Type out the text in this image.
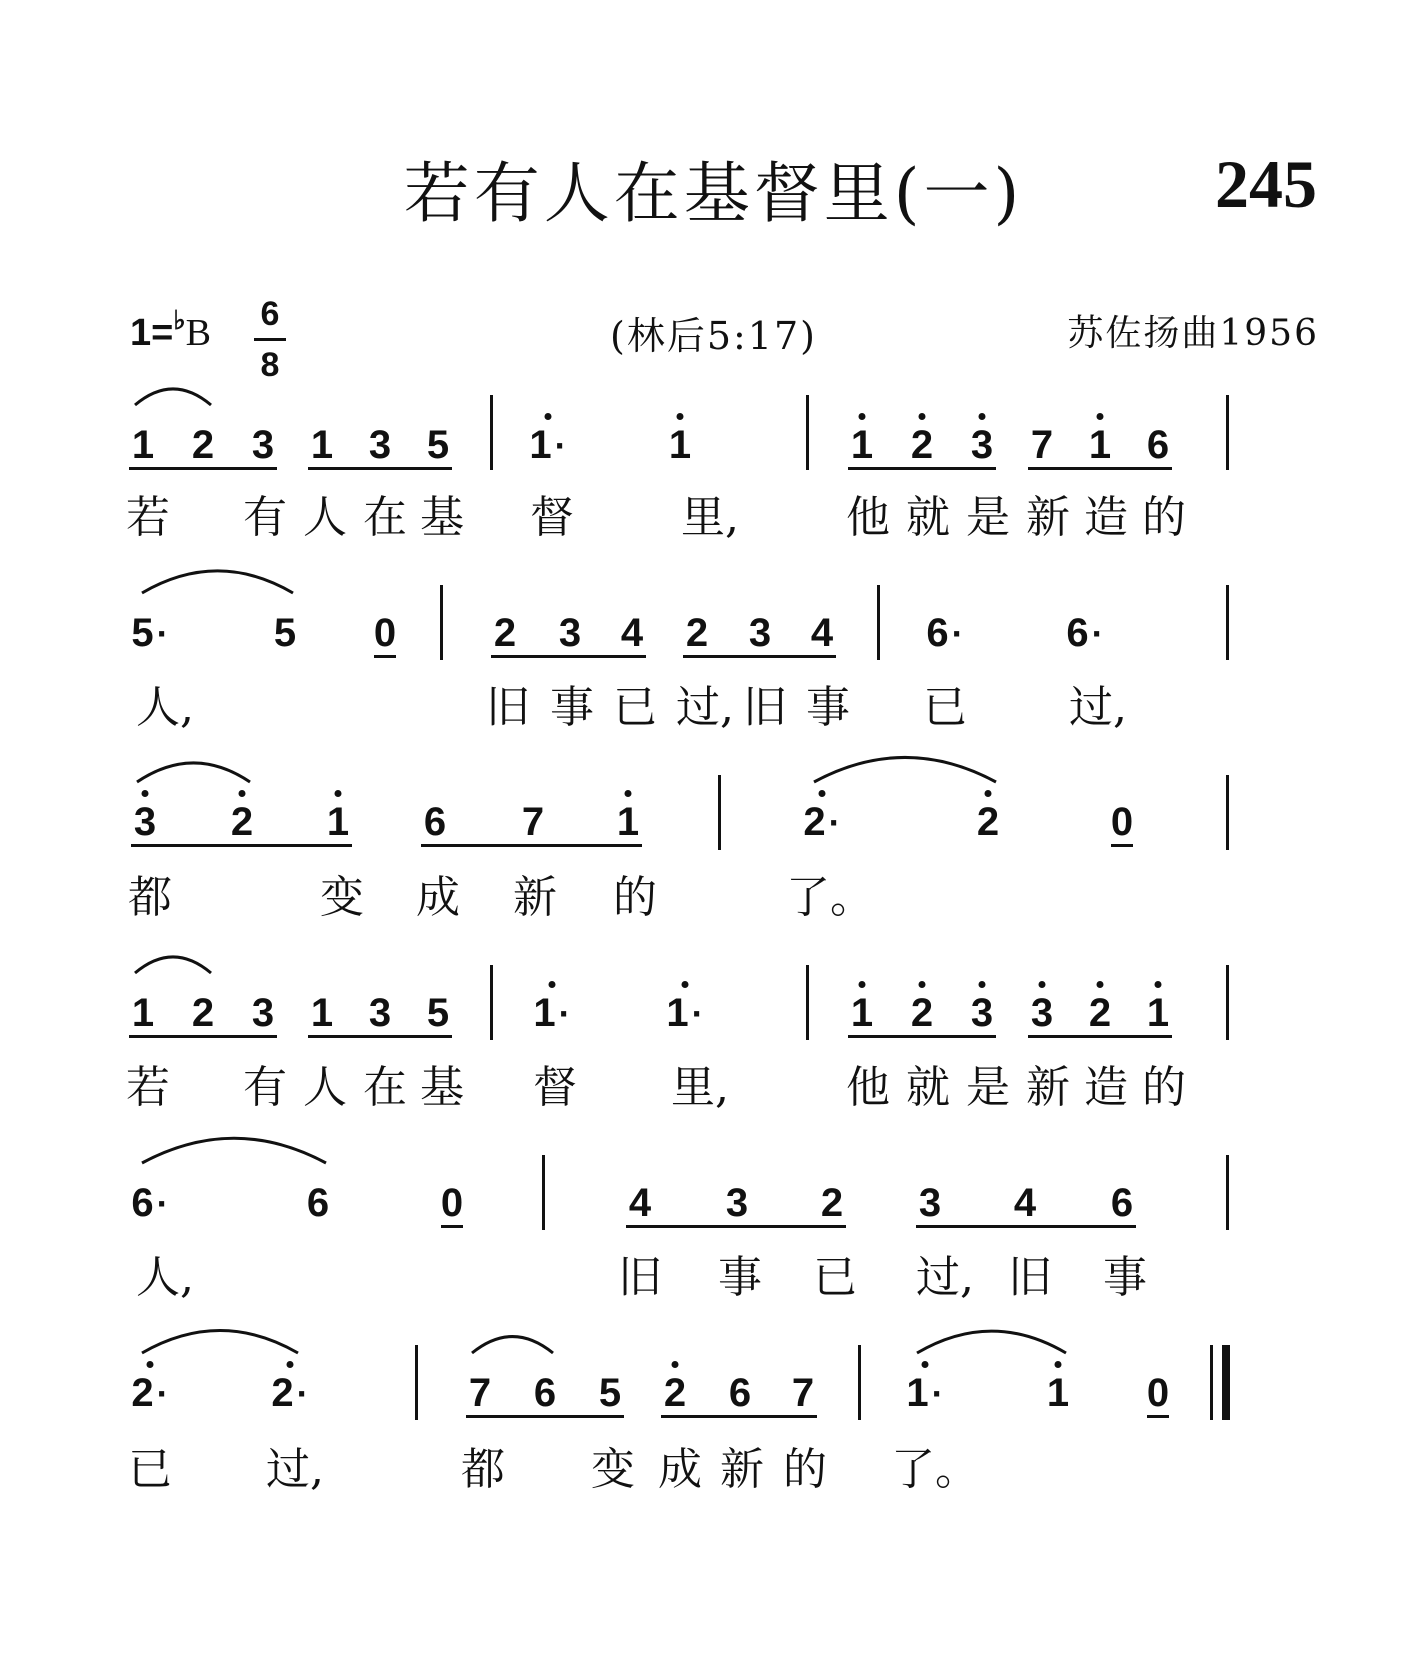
若有人在基督里(一)	245
1=♭B	6
8
(林后5:17)	苏佐扬曲1956
1 2 3 1 3 5 1·	1	1 2 3 7 1 6
若 有 人 在 基 督 里, 他 就 是 新 造 的
5·	5 0 2 3 4 2 3 4 6·	6·
人,	旧 事 已 过, 旧 事 已 过,
3 2 1 6 7 1	2·	2	0
都	变 成 新 的	了。
1 2 3 1 3 5 1· 1·	1 2 3 3 2 1
若 有 人 在 基 督 里,	他 就 是 新 造 的
6·	6	0	4 3 2 3 4 6
人,	旧 事 已 过, 旧 事
2·	2·	7 6 5 2 6 7 1·	1 0
已 过,	都 变 成 新 的 了。
